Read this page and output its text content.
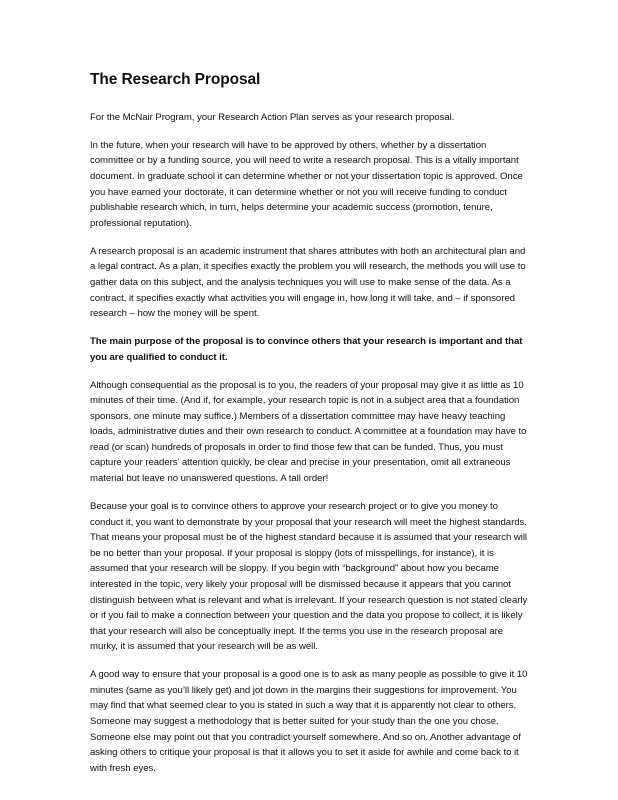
The Research Proposal

For the McNair Program, your Research Action Plan serves as your research proposal.

In the future, when your research will have to be approved by others, whether by a dissertation committee or by a funding source, you will need to write a research proposal. This is a vitally important document. In graduate school it can determine whether or not your dissertation topic is approved. Once you have earned your doctorate, it can determine whether or not you will receive funding to conduct publishable research which, in turn, helps determine your academic success (promotion, tenure, professional reputation).

A research proposal is an academic instrument that shares attributes with both an architectural plan and a legal contract. As a plan, it specifies exactly the problem you will research, the methods you will use to gather data on this subject, and the analysis techniques you will use to make sense of the data. As a contract, it specifies exactly what activities you will engage in, how long it will take, and – if sponsored research – how the money will be spent.

The main purpose of the proposal is to convince others that your research is important and that you are qualified to conduct it.

Although consequential as the proposal is to you, the readers of your proposal may give it as little as 10 minutes of their time. (And if, for example, your research topic is not in a subject area that a foundation sponsors, one minute may suffice.) Members of a dissertation committee may have heavy teaching loads, administrative duties and their own research to conduct. A committee at a foundation may have to read (or scan) hundreds of proposals in order to find those few that can be funded. Thus, you must capture your readers’ attention quickly, be clear and precise in your presentation, omit all extraneous material but leave no unanswered questions. A tall order!

Because your goal is to convince others to approve your research project or to give you money to conduct it, you want to demonstrate by your proposal that your research will meet the highest standards. That means your proposal must be of the highest standard because it is assumed that your research will be no better than your proposal. If your proposal is sloppy (lots of misspellings, for instance), it is assumed that your research will be sloppy. If you begin with “background” about how you became interested in the topic, very likely your proposal will be dismissed because it appears that you cannot distinguish between what is relevant and what is irrelevant. If your research question is not stated clearly or if you fail to make a connection between your question and the data you propose to collect, it is likely that your research will also be conceptually inept. If the terms you use in the research proposal are murky, it is assumed that your research will be as well.

A good way to ensure that your proposal is a good one is to ask as many people as possible to give it 10 minutes (same as you’ll likely get) and jot down in the margins their suggestions for improvement. You may find that what seemed clear to you is stated in such a way that it is apparently not clear to others. Someone may suggest a methodology that is better suited for your study than the one you chose. Someone else may point out that you contradict yourself somewhere. And so on. Another advantage of asking others to critique your proposal is that it allows you to set it aside for awhile and come back to it with fresh eyes.
